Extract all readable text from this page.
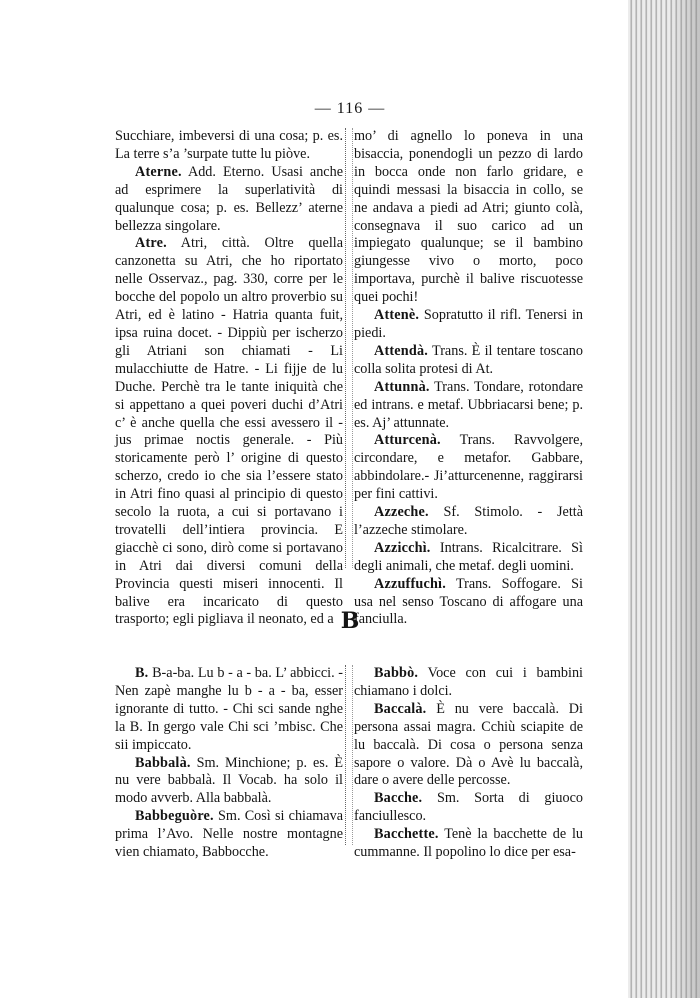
— 116 —

Succhiare, imbeversi di una cosa; p. es. La terre s’a ’surpate tutte lu piòve.

Aterne. Add. Eterno. Usasi anche ad esprimere la superlatività di qualunque cosa; p. es. Bellezz’ aterne bellezza singolare.

Atre. Atri, città. Oltre quella canzonetta su Atri, che ho riportato nelle Osservaz., pag. 330, corre per le bocche del popolo un altro proverbio su Atri, ed è latino - Hatria quanta fuit, ipsa ruina docet. - Dippiù per ischerzo gli Atriani son chiamati - Li mulacchiutte de Hatre. - Li fijje de lu Duche. Perchè tra le tante iniquità che si appettano a quei poveri duchi d’Atri c’ è anche quella che essi avessero il - jus primae noctis generale. - Più storicamente però l’ origine di questo scherzo, credo io che sia l’essere stato in Atri fino quasi al principio di questo secolo la ruota, a cui si portavano i trovatelli dell’intiera provincia. E giacchè ci sono, dirò come si portavano in Atri dai diversi comuni della Provincia questi miseri innocenti. Il balive era incaricato di questo trasporto; egli pigliava il neonato, ed a

mo’ di agnello lo poneva in una bisaccia, ponendogli un pezzo di lardo in bocca onde non farlo gridare, e quindi messasi la bisaccia in collo, se ne andava a piedi ad Atri; giunto colà, consegnava il suo carico ad un impiegato qualunque; se il bambino giungesse vivo o morto, poco importava, purchè il balive riscuotesse quei pochi!

Attenè. Sopratutto il rifl. Tenersi in piedi.

Attendà. Trans. È il tentare toscano colla solita protesi di At.

Attunnà. Trans. Tondare, rotondare ed intrans. e metaf. Ubbriacarsi bene; p. es. Aj’ attunnate.

Atturcenà. Trans. Ravvolgere, circondare, e metafor. Gabbare, abbindolare.- Ji’atturcenenne, raggirarsi per fini cattivi.

Azzeche. Sf. Stimolo. - Jettà l’azzeche stimolare.

Azzicchì. Intrans. Ricalcitrare. Sì degli animali, che metaf. degli uomini.

Azzuffuchì. Trans. Soffogare. Si usa nel senso Toscano di affogare una fanciulla.

B

B. B-a-ba. Lu b - a - ba. L’ abbicci. - Nen zapè manghe lu b - a - ba, esser ignorante di tutto. - Chi sci sande nghe la B. In gergo vale Chi sci ’mbisc. Che sii impiccato.

Babbalà. Sm. Minchione; p. es. È nu vere babbalà. Il Vocab. ha solo il modo avverb. Alla babbalà.

Babbeguòre. Sm. Così si chiamava prima l’Avo. Nelle nostre montagne vien chiamato, Babbocche.

Babbò. Voce con cui i bambini chiamano i dolci.

Baccalà. È nu vere baccalà. Di persona assai magra. Cchiù sciapite de lu baccalà. Di cosa o persona senza sapore o valore. Dà o Avè lu baccalà, dare o avere delle percosse.

Bacche. Sm. Sorta di giuoco fanciullesco.

Bacchette. Tenè la bacchette de lu cummanne. Il popolino lo dice per esa-
